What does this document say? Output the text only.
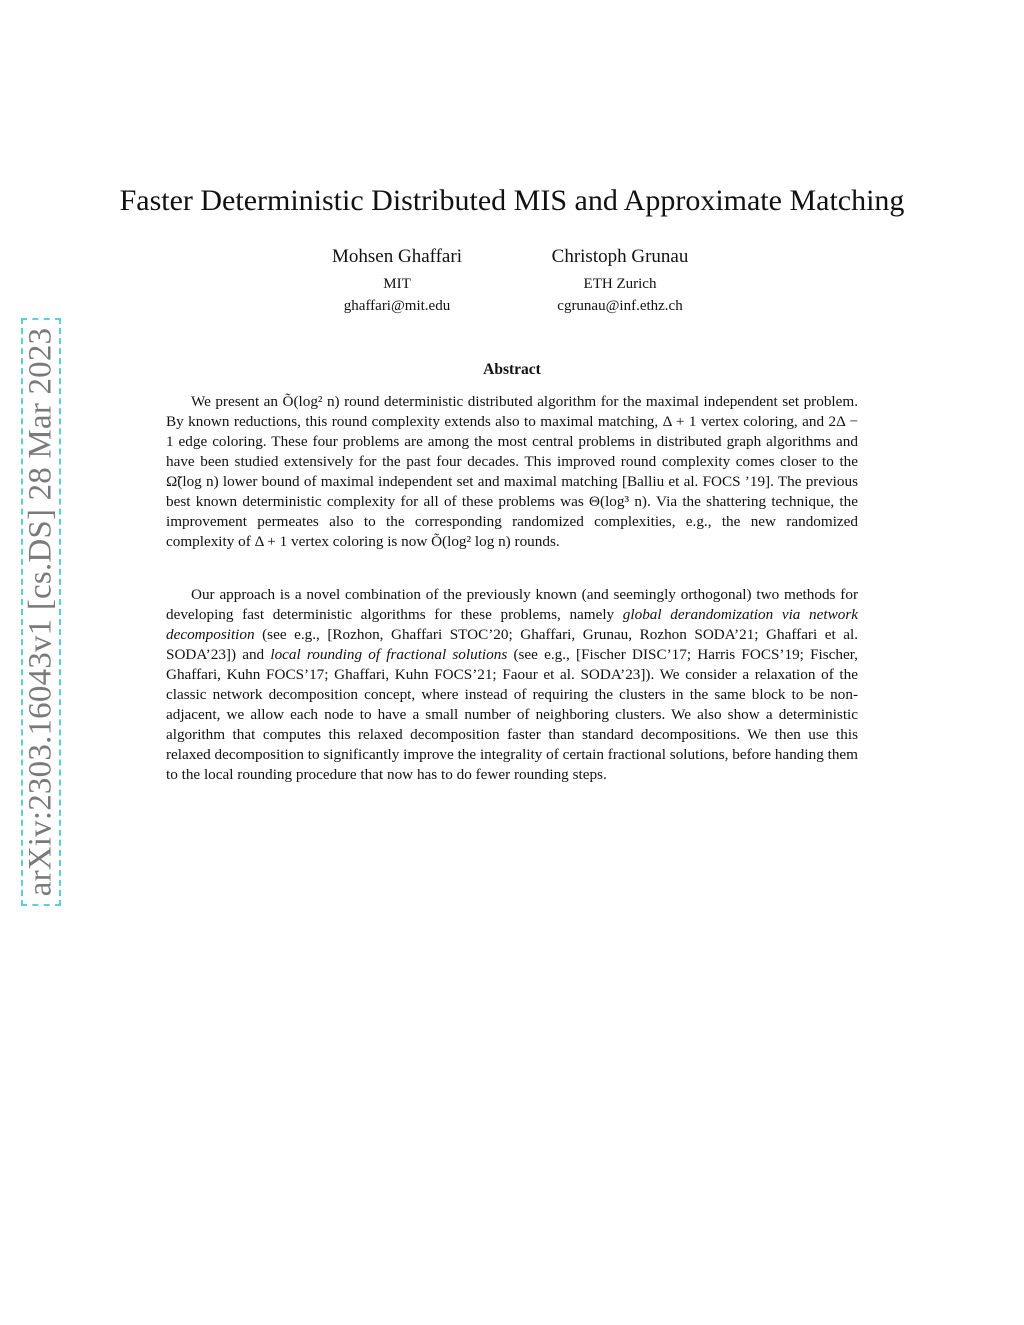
arXiv:2303.16043v1 [cs.DS] 28 Mar 2023
Faster Deterministic Distributed MIS and Approximate Matching
Mohsen Ghaffari
MIT
ghaffari@mit.edu
Christoph Grunau
ETH Zurich
cgrunau@inf.ethz.ch
Abstract

We present an Õ(log² n) round deterministic distributed algorithm for the maximal independent set problem. By known reductions, this round complexity extends also to maximal matching, Δ + 1 vertex coloring, and 2Δ − 1 edge coloring. These four problems are among the most central problems in distributed graph algorithms and have been studied extensively for the past four decades. This improved round complexity comes closer to the Ω̃(log n) lower bound of maximal independent set and maximal matching [Balliu et al. FOCS ’19]. The previous best known deterministic complexity for all of these problems was Θ(log³ n). Via the shattering technique, the improvement permeates also to the corresponding randomized complexities, e.g., the new randomized complexity of Δ + 1 vertex coloring is now Õ(log² log n) rounds.

Our approach is a novel combination of the previously known (and seemingly orthogonal) two methods for developing fast deterministic algorithms for these problems, namely global derandomization via network decomposition (see e.g., [Rozhon, Ghaffari STOC’20; Ghaffari, Grunau, Rozhon SODA’21; Ghaffari et al. SODA’23]) and local rounding of fractional solutions (see e.g., [Fischer DISC’17; Harris FOCS’19; Fischer, Ghaffari, Kuhn FOCS’17; Ghaffari, Kuhn FOCS’21; Faour et al. SODA’23]). We consider a relaxation of the classic network decomposition concept, where instead of requiring the clusters in the same block to be non-adjacent, we allow each node to have a small number of neighboring clusters. We also show a deterministic algorithm that computes this relaxed decomposition faster than standard decompositions. We then use this relaxed decomposition to significantly improve the integrality of certain fractional solutions, before handing them to the local rounding procedure that now has to do fewer rounding steps.
